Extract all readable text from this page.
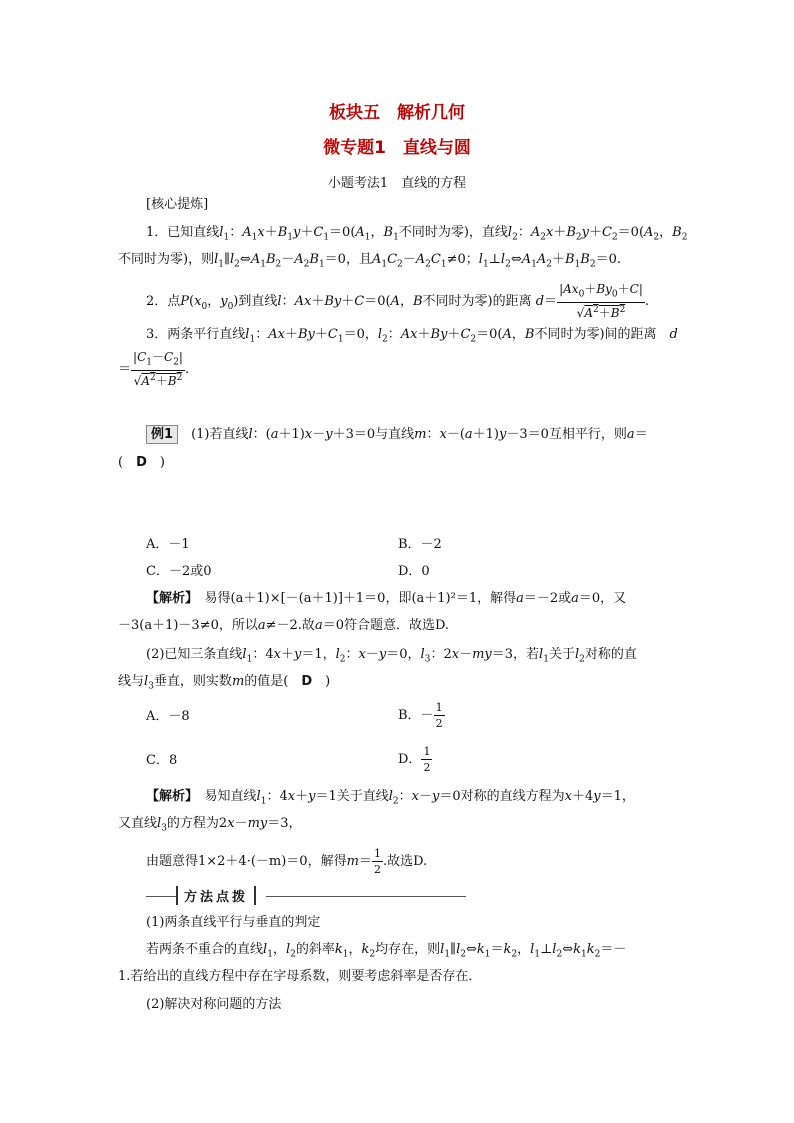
板块五　解析几何
微专题1　直线与圆
小题考法1　直线的方程
[核心提炼]
1．已知直线$l_1$：$A_1x+B_1y+C_1=0(A_1$，$B_1$不同时为零)，直线$l_2$：$A_2x+B_2y+C_2=0(A_2$，$B_2$
不同时为零)，则$l_1\parallel l_2\Leftrightarrow A_1B_2-A_2B_1=0$，且$A_1C_2-A_2C_1\ne 0$；$l_1\perp l_2\Leftrightarrow A_1A_2+B_1B_2=0$.
2．点$P(x_0$，$y_0$)到直线l：Ax＋By＋C＝0(A，B不同时为零)的距离 $d= \frac{|Ax_0+By_0+C|}{√A^2+B^2}$ .
3．两条平行直线$l_1$：$Ax+By+C_1=0$，$l_2$：$Ax+By+C_2=0(A$，B不同时为零)间的距离　 d
＝ $\frac{|C_1-C_2|}{√A^2+B^2}$ .
例1　 (1)若直线l：(a＋1)x－y＋3＝0与直线m：x－(a＋1)y－3＝0互相平行，则a＝
(　D　)
A．－1	B．－2
C．－2或0	D．0
【解析】　 易得(a＋1)×[－(a＋1)]＋1＝0，即(a＋1)²＝1，解得a＝－2或a＝0，又
－3(a＋1)－3≠0，所以a≠－2.故a＝0符合题意．故选D.
(2)已知三条直线$l_1$：4x＋y＝1，$l_2$：x－y＝0，$l_3$：2x－my＝3，若$l_1$关于$l_2$对称的直
线与$l_3$垂直，则实数m的值是(　 D　)
A．－8	B．－ $\frac{1}{2}$
C．8	D． $\frac{1}{2}$
【解析】　 易知直线$l_1$：4x＋y＝1关于直线$l_2$：x－y＝0对称的直线方程为x＋4y＝1，
又直线$l_3$的方程为2x－my＝3，
由题意得1×2＋4·(－m)＝0，解得$m= \frac{1}{2}$ .故选D.
方法点拨
(1)两条直线平行与垂直的判定
若两条不重合的直线$l_1$，$l_2$的斜率$k_1$，$k_2$均存在，则$l_1\parallel l_2\Leftrightarrow k_1=k_2$，$l_1\perp l_2\Leftrightarrow k_1k_2=-$
1.若给出的直线方程中存在字母系数，则要考虑斜率是否存在．
(2)解决对称问题的方法
